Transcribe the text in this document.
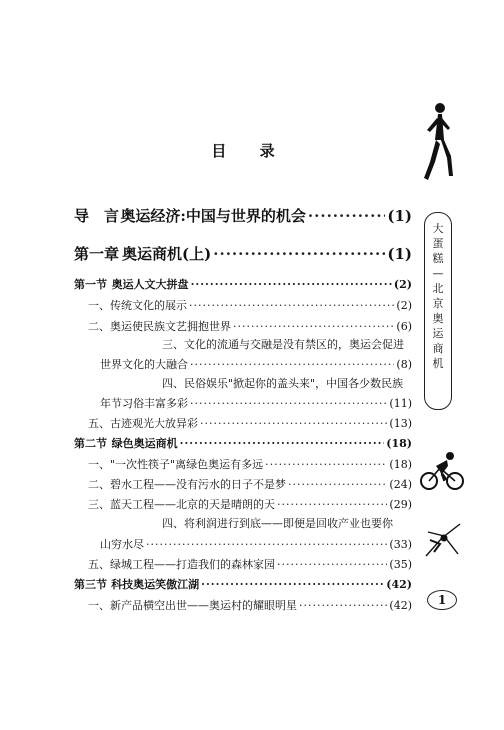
目 录
大
蛋
糕
—
北
京
奥
运
商
机
导　言 奥运经济:中国与世界的机会 ·····	(1)
第一章 奥运商机(上) ·····	(1)
第一节 奥运人文大拼盘 ·····	(2)
一、传统文化的展示 ·····	(2)
二、奥运使民族文艺拥抱世界 ·····	(6)
三、文化的流通与交融是没有禁区的，奥运会促进
世界文化的大融合 ·····	(8)
四、民俗娱乐"掀起你的盖头来"，中国各少数民族
年节习俗丰富多彩 ·····	(11)
五、古迹观光大放异彩 ·····	(13)
第二节 绿色奥运商机 ·····	(18)
一、"一次性筷子"离绿色奥运有多远 ·····	(18)
二、碧水工程——没有污水的日子不是梦 ·····	(24)
三、蓝天工程——北京的天是晴朗的天 ·····	(29)
四、将利润进行到底——即便是回收产业也要你
山穷水尽 ·····	(33)
五、绿城工程——打造我们的森林家园 ·····	(35)
第三节 科技奥运笑傲江湖 ·····	(42)
一、新产品横空出世——奥运村的耀眼明星 ·····	(42)	1
